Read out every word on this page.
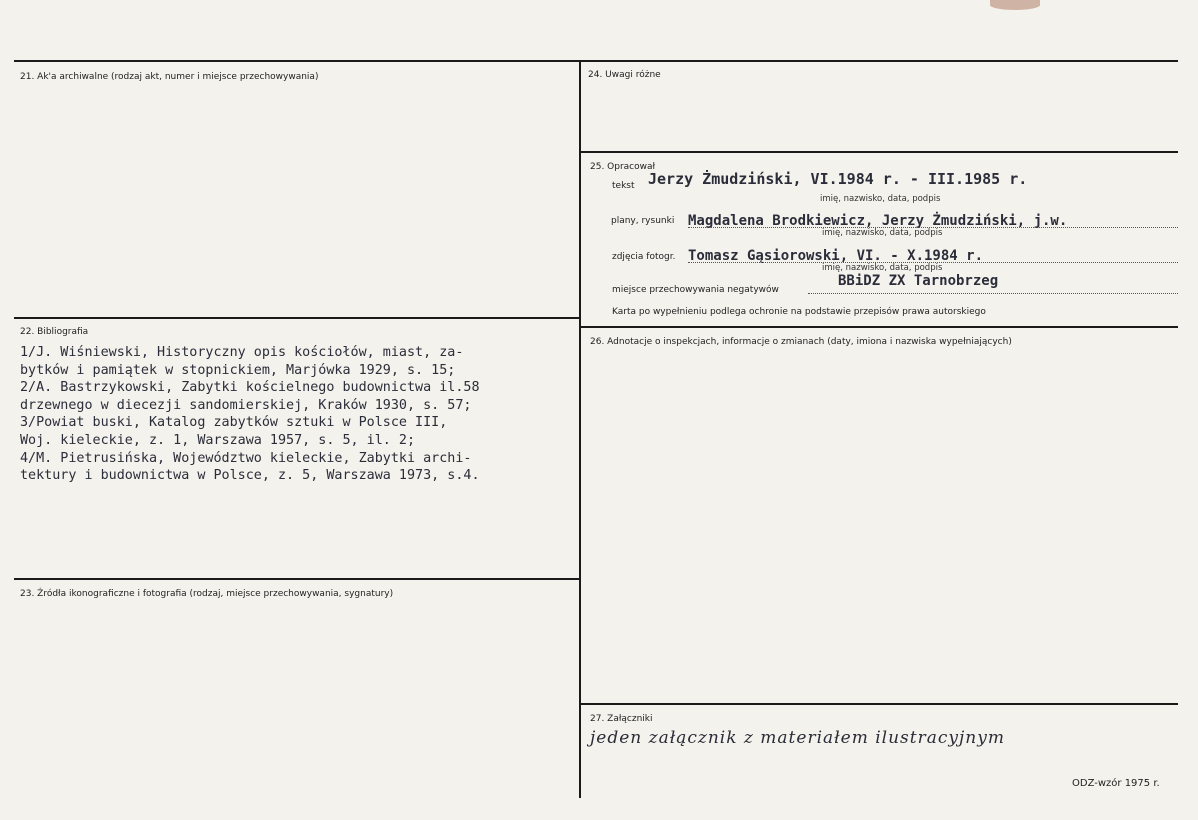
21. Ak'a archiwalne (rodzaj akt, numer i miejsce przechowywania)
22. Bibliografia
1/J. Wiśniewski, Historyczny opis kościołów, miast, za-
bytków i pamiątek w stopnickiem, Marjówka 1929, s. 15;
2/A. Bastrzykowski, Zabytki kościelnego budownictwa il.58
drzewnego w diecezji sandomierskiej, Kraków 1930, s. 57;
3/Powiat buski, Katalog zabytków sztuki w Polsce III,
Woj. kieleckie, z. 1, Warszawa 1957, s. 5, il. 2;
4/M. Pietrusińska, Województwo kieleckie, Zabytki archi-
tektury i budownictwa w Polsce, z. 5, Warszawa 1973, s.4.
23. Źródła ikonograficzne i fotografia (rodzaj, miejsce przechowywania, sygnatury)
24. Uwagi różne
25. Opracował
tekst Jerzy Żmudziński, VI.1984 r. - III.1985 r.
imię, nazwisko, data, podpis
plany, rysunki Magdalena Brodkiewicz, Jerzy Żmudziński, j.w.
imię, nazwisko, data, podpis
zdjęcia fotogr. Tomasz Gąsiorowski, VI. - X.1984 r.
imię, nazwisko, data, podpis
miejsce przechowywania negatywów
BBiDZ ZX Tarnobrzeg
Karta po wypełnieniu podlega ochronie na podstawie przepisów prawa autorskiego
26. Adnotacje o inspekcjach, informacje o zmianach (daty, imiona i nazwiska wypełniających)
27. Załączniki
jeden załącznik z materiałem ilustracyjnym
ODZ-wzór 1975 r.
